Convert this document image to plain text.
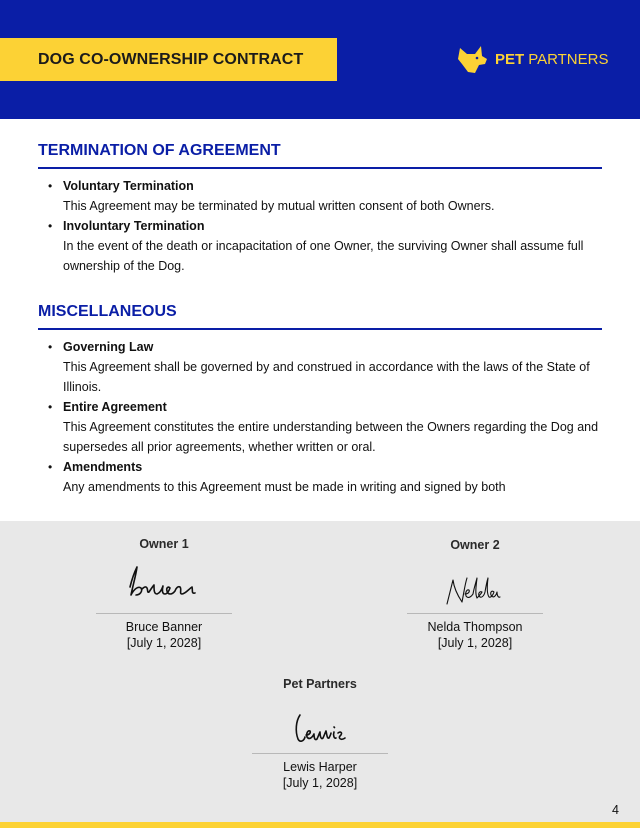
DOG CO-OWNERSHIP CONTRACT	PET PARTNERS
TERMINATION OF AGREEMENT
• Voluntary Termination
This Agreement may be terminated by mutual written consent of both Owners.
• Involuntary Termination
In the event of the death or incapacitation of one Owner, the surviving Owner shall assume full ownership of the Dog.
MISCELLANEOUS
• Governing Law
This Agreement shall be governed by and construed in accordance with the laws of the State of Illinois.
• Entire Agreement
This Agreement constitutes the entire understanding between the Owners regarding the Dog and supersedes all prior agreements, whether written or oral.
• Amendments
Any amendments to this Agreement must be made in writing and signed by both
Owner 1
Bruce Banner
[July 1, 2028]
Owner 2
Nelda Thompson
[July 1, 2028]
Pet Partners
Lewis Harper
[July 1, 2028]
4
